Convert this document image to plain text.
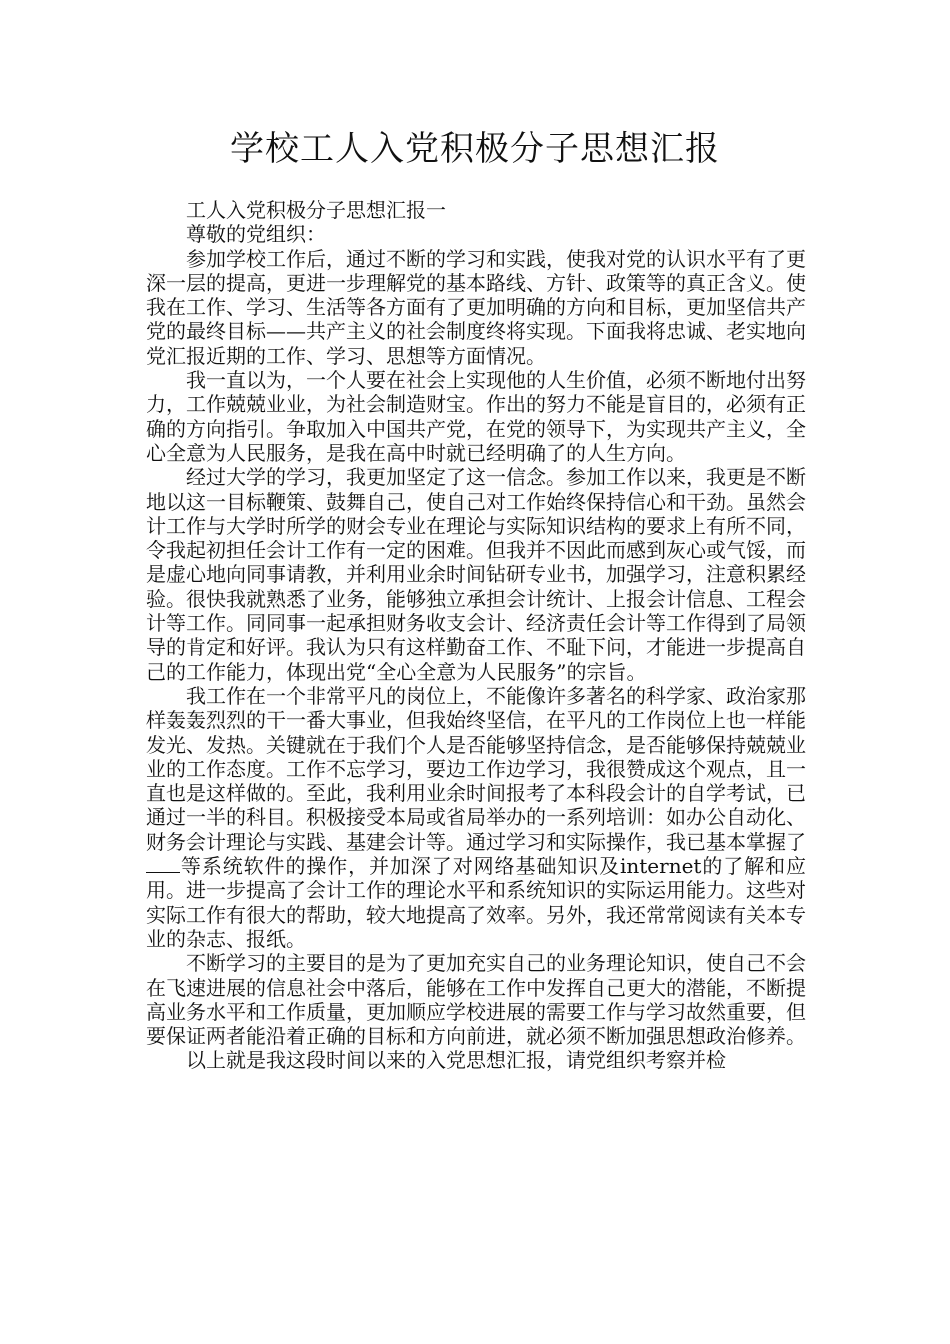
学校工人入党积极分子思想汇报

工人入党积极分子思想汇报一

尊敬的党组织：

参加学校工作后，通过不断的学习和实践，使我对党的认识水平有了更深一层的提高，更进一步理解党的基本路线、方针、政策等的真正含义。使我在工作、学习、生活等各方面有了更加明确的方向和目标，更加坚信共产党的最终目标——共产主义的社会制度终将实现。下面我将忠诚、老实地向党汇报近期的工作、学习、思想等方面情况。

我一直以为，一个人要在社会上实现他的人生价值，必须不断地付出努力，工作兢兢业业，为社会制造财宝。作出的努力不能是盲目的，必须有正确的方向指引。争取加入中国共产党，在党的领导下，为实现共产主义，全心全意为人民服务，是我在高中时就已经明确了的人生方向。

经过大学的学习，我更加坚定了这一信念。参加工作以来，我更是不断地以这一目标鞭策、鼓舞自己，使自己对工作始终保持信心和干劲。虽然会计工作与大学时所学的财会专业在理论与实际知识结构的要求上有所不同，令我起初担任会计工作有一定的困难。但我并不因此而感到灰心或气馁，而是虚心地向同事请教，并利用业余时间钻研专业书，加强学习，注意积累经验。很快我就熟悉了业务，能够独立承担会计统计、上报会计信息、工程会计等工作。同同事一起承担财务收支会计、经济责任会计等工作得到了局领导的肯定和好评。我认为只有这样勤奋工作、不耻下问，才能进一步提高自己的工作能力，体现出党“全心全意为人民服务”的宗旨。

我工作在一个非常平凡的岗位上，不能像许多著名的科学家、政治家那样轰轰烈烈的干一番大事业，但我始终坚信，在平凡的工作岗位上也一样能发光、发热。关键就在于我们个人是否能够坚持信念，是否能够保持兢兢业业的工作态度。工作不忘学习，要边工作边学习，我很赞成这个观点，且一直也是这样做的。至此，我利用业余时间报考了本科段会计的自学考试，已通过一半的科目。积极接受本局或省局举办的一系列培训：如办公自动化、财务会计理论与实践、基建会计等。通过学习和实际操作，我已基本掌握了等系统软件的操作，并加深了对网络基础知识及internet的了解和应用。进一步提高了会计工作的理论水平和系统知识的实际运用能力。这些对实际工作有很大的帮助，较大地提高了效率。另外，我还常常阅读有关本专业的杂志、报纸。

不断学习的主要目的是为了更加充实自己的业务理论知识，使自己不会在飞速进展的信息社会中落后，能够在工作中发挥自己更大的潜能，不断提高业务水平和工作质量，更加顺应学校进展的需要工作与学习故然重要，但要保证两者能沿着正确的目标和方向前进，就必须不断加强思想政治修养。

以上就是我这段时间以来的入党思想汇报，请党组织考察并检
